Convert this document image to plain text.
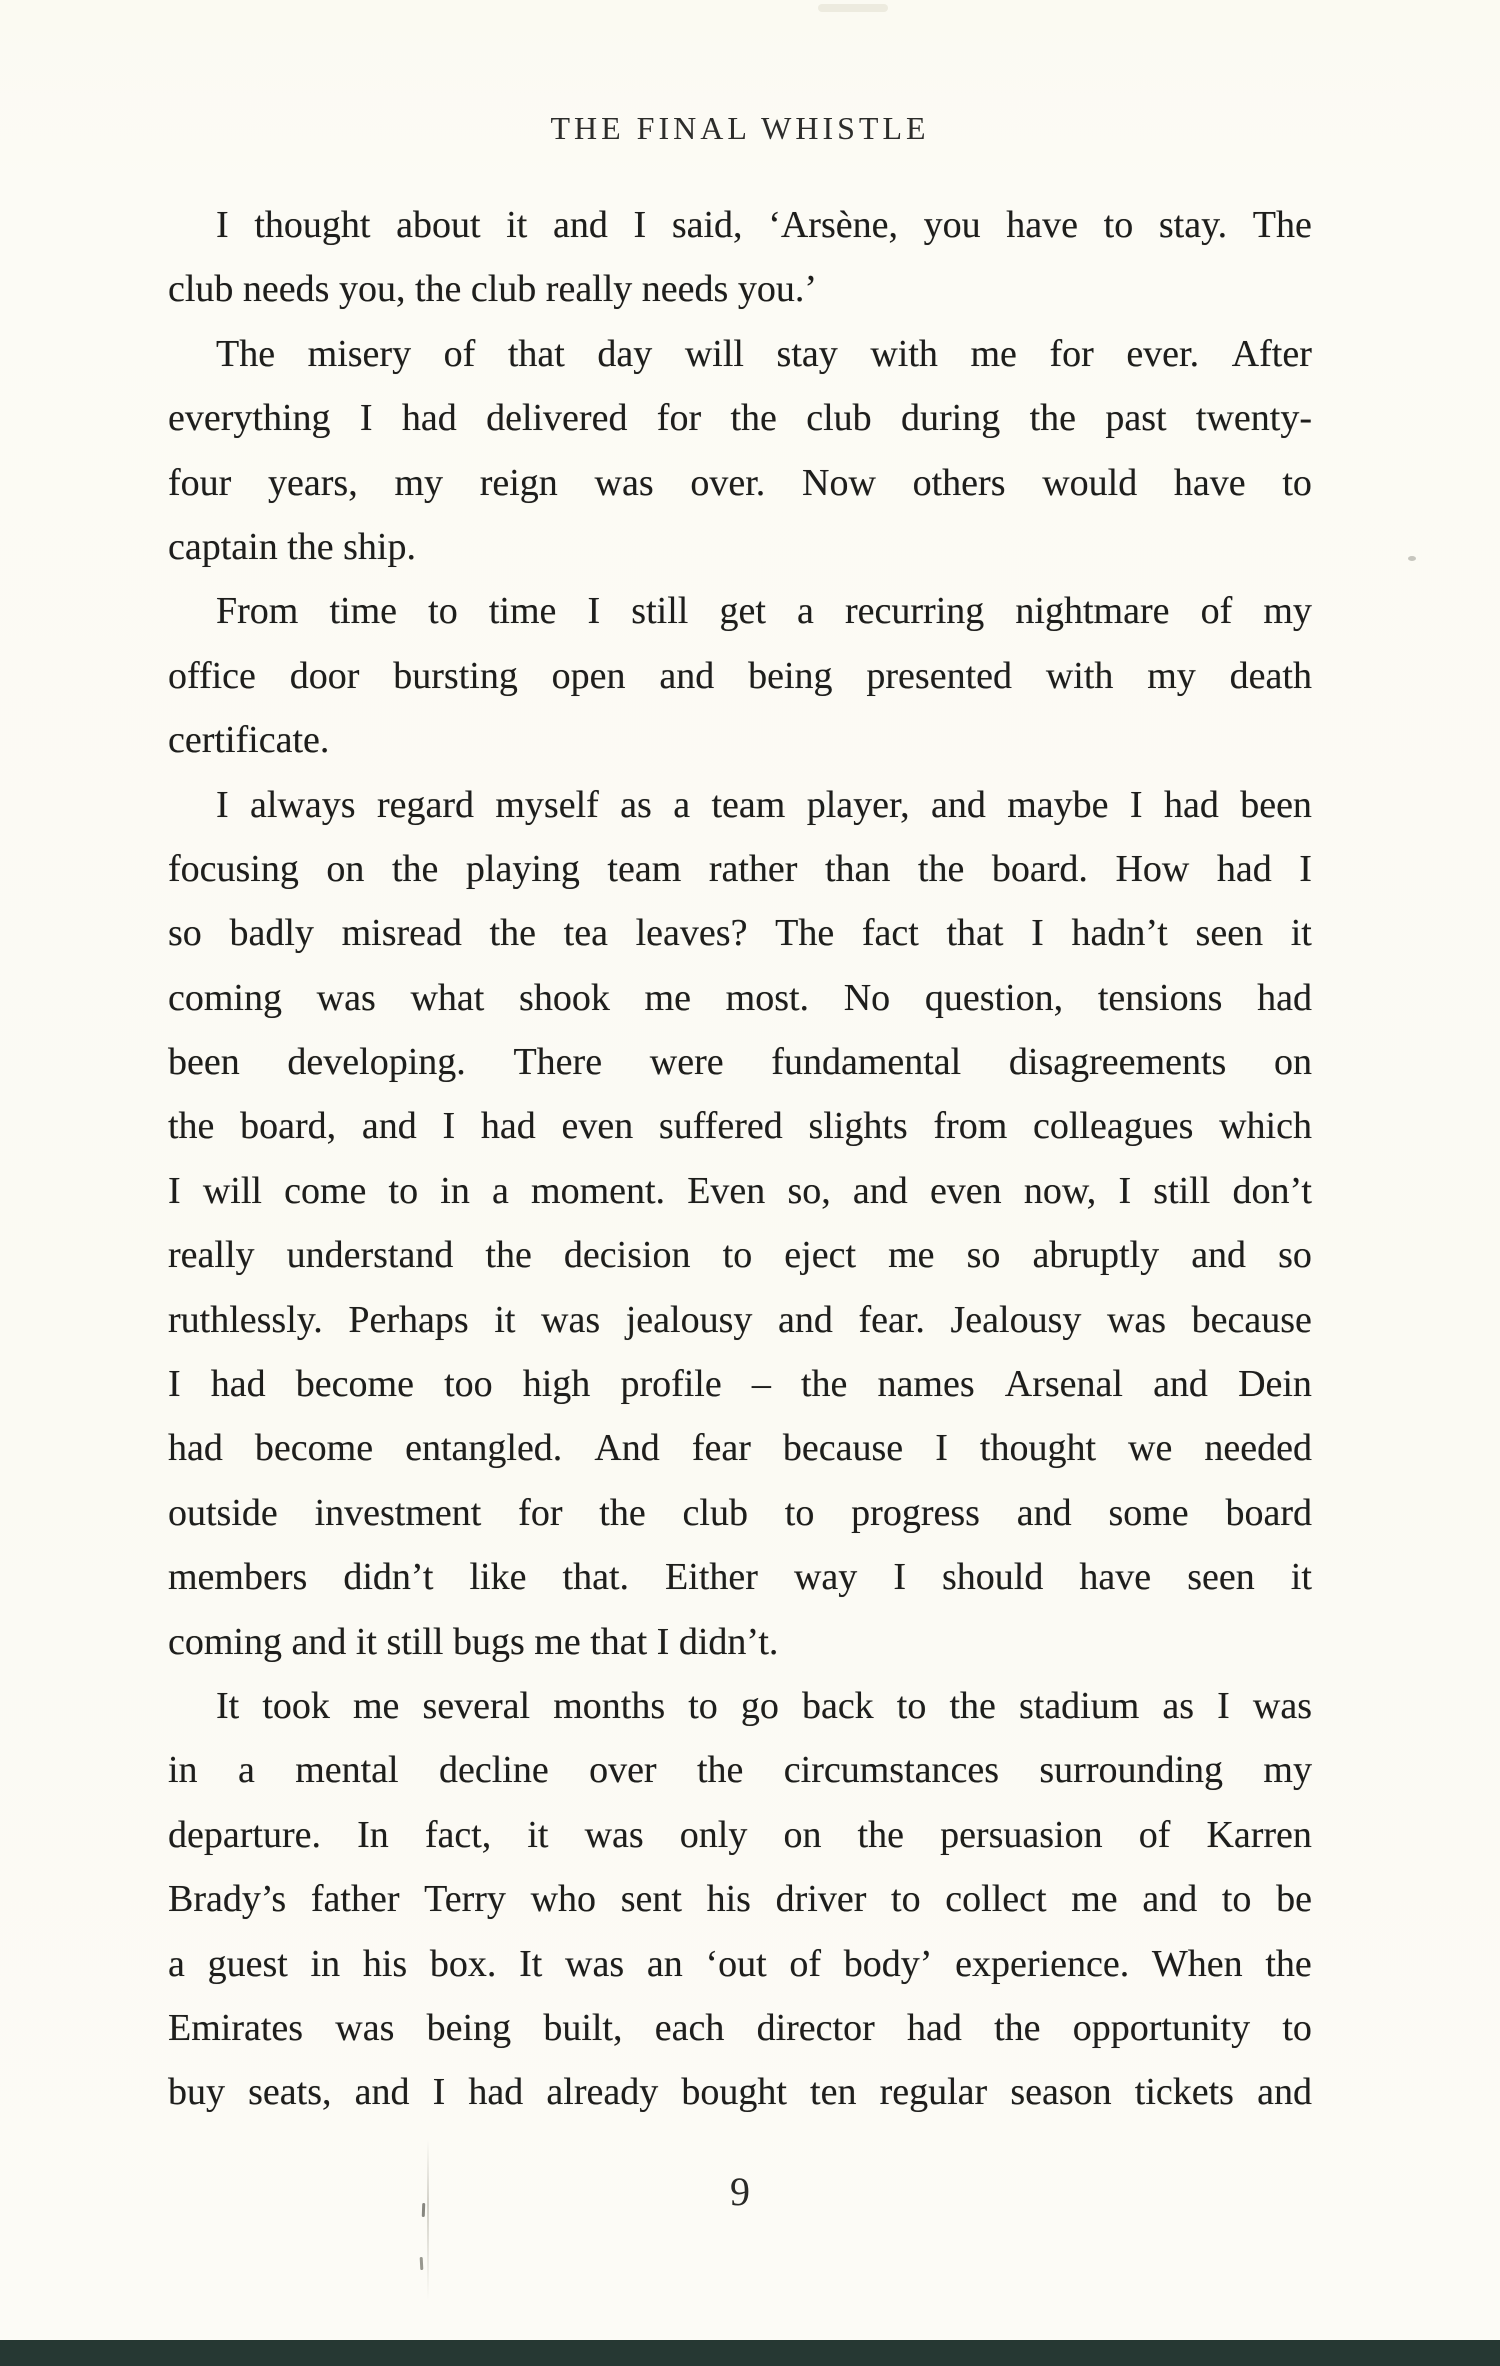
THE FINAL WHISTLE
I thought about it and I said, ‘Arsène, you have to stay. The
club needs you, the club really needs you.’
The misery of that day will stay with me for ever. After
everything I had delivered for the club during the past twenty-
four years, my reign was over. Now others would have to
captain the ship.
From time to time I still get a recurring nightmare of my
office door bursting open and being presented with my death
certificate.
I always regard myself as a team player, and maybe I had been
focusing on the playing team rather than the board. How had I
so badly misread the tea leaves? The fact that I hadn’t seen it
coming was what shook me most. No question, tensions had
been developing. There were fundamental disagreements on
the board, and I had even suffered slights from colleagues which
I will come to in a moment. Even so, and even now, I still don’t
really understand the decision to eject me so abruptly and so
ruthlessly. Perhaps it was jealousy and fear. Jealousy was because
I had become too high profile – the names Arsenal and Dein
had become entangled. And fear because I thought we needed
outside investment for the club to progress and some board
members didn’t like that. Either way I should have seen it
coming and it still bugs me that I didn’t.
It took me several months to go back to the stadium as I was
in a mental decline over the circumstances surrounding my
departure. In fact, it was only on the persuasion of Karren
Brady’s father Terry who sent his driver to collect me and to be
a guest in his box. It was an ‘out of body’ experience. When the
Emirates was being built, each director had the opportunity to
buy seats, and I had already bought ten regular season tickets and
9
